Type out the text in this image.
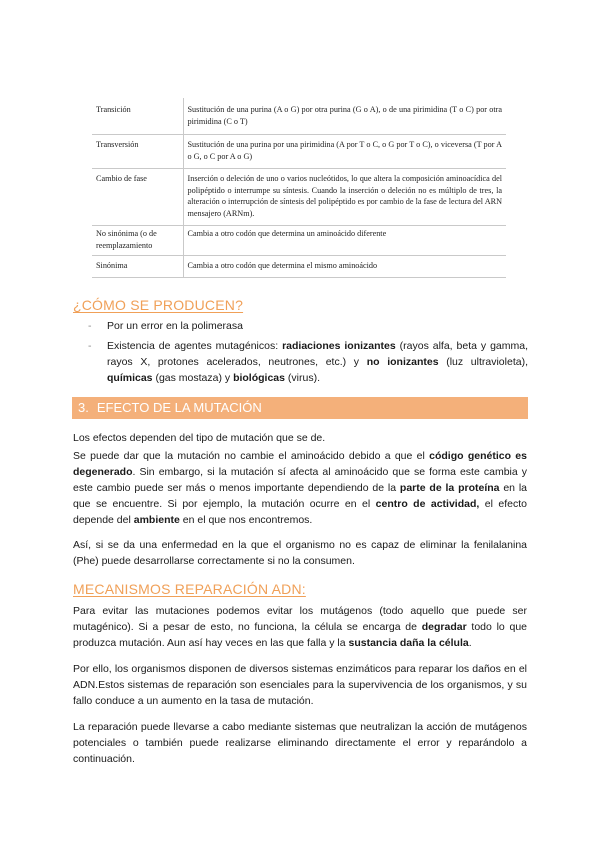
Transición	Sustitución de una purina (A o G) por otra purina (G o A), o de una pirimidina (T o C) por otra pirimidina (C o T)
Transversión	Sustitución de una purina por una pirimidina (A por T o C, o G por T o C), o viceversa (T por A o G, o C por A o G)
Cambio de fase	Inserción o deleción de uno o varios nucleótidos, lo que altera la composición aminoacídica del polipéptido o interrumpe su síntesis. Cuando la inserción o deleción no es múltiplo de tres, la alteración o interrupción de síntesis del polipéptido es por cambio de la fase de lectura del ARN mensajero (ARNm).
No sinónima (o de reemplazamiento	Cambia a otro codón que determina un aminoácido diferente
Sinónima	Cambia a otro codón que determina el mismo aminoácido
¿CÓMO SE PRODUCEN?
- Por un error en la polimerasa
- Existencia de agentes mutagénicos: radiaciones ionizantes (rayos alfa, beta y gamma, rayos X, protones acelerados, neutrones, etc.) y no ionizantes (luz ultravioleta), químicas (gas mostaza) y biológicas (virus).
3. EFECTO DE LA MUTACIÓN

Los efectos dependen del tipo de mutación que se de.

Se puede dar que la mutación no cambie el aminoácido debido a que el código genético es degenerado. Sin embargo, si la mutación sí afecta al aminoácido que se forma este cambia y este cambio puede ser más o menos importante dependiendo de la parte de la proteína en la que se encuentre. Si por ejemplo, la mutación ocurre en el centro de actividad, el efecto depende del ambiente en el que nos encontremos.

Así, si se da una enfermedad en la que el organismo no es capaz de eliminar la fenilalanina (Phe) puede desarrollarse correctamente si no la consumen.

MECANISMOS REPARACIÓN ADN:

Para evitar las mutaciones podemos evitar los mutágenos (todo aquello que puede ser mutagénico). Si a pesar de esto, no funciona, la célula se encarga de degradar todo lo que produzca mutación. Aun así hay veces en las que falla y la sustancia daña la célula.

Por ello, los organismos disponen de diversos sistemas enzimáticos para reparar los daños en el ADN.Estos sistemas de reparación son esenciales para la supervivencia de los organismos, y su fallo conduce a un aumento en la tasa de mutación.

La reparación puede llevarse a cabo mediante sistemas que neutralizan la acción de mutágenos potenciales o también puede realizarse eliminando directamente el error y reparándolo a continuación.
